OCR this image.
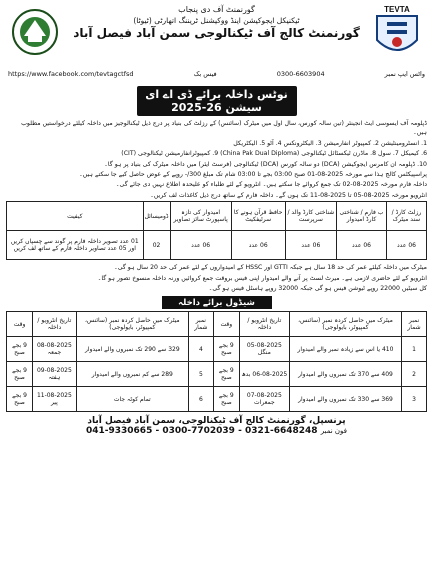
گورنمنٹ آف دی پنجاب
ٹیکنیکل ایجوکیشن اینڈ ووکیشنل ٹریننگ اتھارٹی (ٹیوٹا)
گورنمنٹ کالج آف ٹیکنالوجی سمن آباد فیصل آباد
TEVTA
https://www.facebook.com/tevtagctfsd	فیس بک	0300-6603904	واٹس ایپ نمبر
نوٹس داخلہ برائے ڈی اے ای سیشن 26-2025

ڈپلومہ آف ایسوسی ایٹ انجینئر (تین سالہ کورس، سال اول میں میٹرک (سائنس) کے رزلٹ کی بنیاد پر درج ذیل ٹیکنالوجیز میں داخلہ کیلئے درخواستیں مطلوب ہیں۔

1. انسٹرومینٹیشن 2. کمپیوٹر انفارمیشن 3. الیکٹرونکس 4. آٹو 5. الیکٹریکل

6. کیمیکل 7. سول 8. ماڈرن ٹیکسٹائل ٹیکنالوجی (China Pak Dual Diploma) 9. کمپیوٹرانفارمیشن ٹیکنالوجی (CIT)

10. ڈپلومہ ان کامرس ایجوکیشن (DCA) دو سالہ کورس (DCA) ٹیکنالوجی (فرسٹ ایئر) میں داخلہ میٹرک کی بنیاد پر ہو گا۔

پراسپیکٹس کالج ہذا سے مورخہ 2025-08-01 صبح 03:00 بجے تا 03:00 شام تک مبلغ 300/- روپے کے عوض حاصل کیے جا سکتے ہیں۔

داخلہ فارم مورخہ 2025-08-02 تک جمع کروائے جا سکتے ہیں۔ انٹرویو کے لئے طلباء کو علیحدہ اطلاع نہیں دی جائے گی۔

انٹرویو مورخہ 2025-08-05 تا 2025-08-11 تک ہوں گے۔ داخلہ فارم کے ساتھ درج ذیل کاغذات لف کریں۔

رزلٹ کارڈ / سند میٹرک	ب فارم / شناختی کارڈ امیدوار	شناختی کارڈ والد / سرپرست	حافظ قرآن ہونے کا سرٹیفکیٹ	امیدوار کی تازہ پاسپورٹ سائز تصاویر	ڈومیسائل	کیفیت
06 عدد	06 عدد	06 عدد	06 عدد	06 عدد	02	01 عدد تصویر داخلہ فارم پر گوند سے چسپاں کریں اور 05 عدد تصاویر داخلہ فارم کے ساتھ لف کریں

میٹرک میں داخلہ کیلئے عمر کی حد 18 سال ہے جبکہ GTTI اور HSSC کے امیدواروں کے لئے عمر کی حد 20 سال ہو گی۔

انٹرویو کے لئے حاضری لازمی ہے۔ میرٹ لسٹ پر آنے والے امیدوار اپنی فیس بروقت جمع کروائیں ورنہ داخلہ منسوخ تصور ہو گا۔

کل سیٹیں 22000 روپے ٹیوشن فیس ہو گی جبکہ 32000 روپے ہاسٹل فیس ہو گی۔

شیڈول برائے داخلہ
نمبر شمار	میٹرک میں حاصل کردہ نمبر (سائنس، کمپیوٹر، بایولوجی)	تاریخ انٹرویو / داخلہ	وقت	نمبر شمار	میٹرک میں حاصل کردہ نمبر (سائنس، کمپیوٹر، بایولوجی)	تاریخ انٹرویو / داخلہ	وقت
1	410 یا اس سے زیادہ نمبر والے امیدوار	05-08-2025 منگل	9 بجے صبح	4	329 سے 290 تک نمبروں والے امیدوار	08-08-2025 جمعہ	9 بجے صبح
2	409 سے 370 تک نمبروں والے امیدوار	06-08-2025 بدھ	9 بجے صبح	5	289 سے کم نمبروں والے امیدوار	09-08-2025 ہفتہ	9 بجے صبح
3	369 سے 330 تک نمبروں والے امیدوار	07-08-2025 جمعرات	9 بجے صبح	6	تمام کوٹہ جات	11-08-2025 پیر	9 بجے صبح
پرنسپل، گورنمنٹ کالج آف ٹیکنالوجی، سمن آباد فیصل آباد
041-9330665 - 0300-7702039 - 0321-6648248 فون نمبر
